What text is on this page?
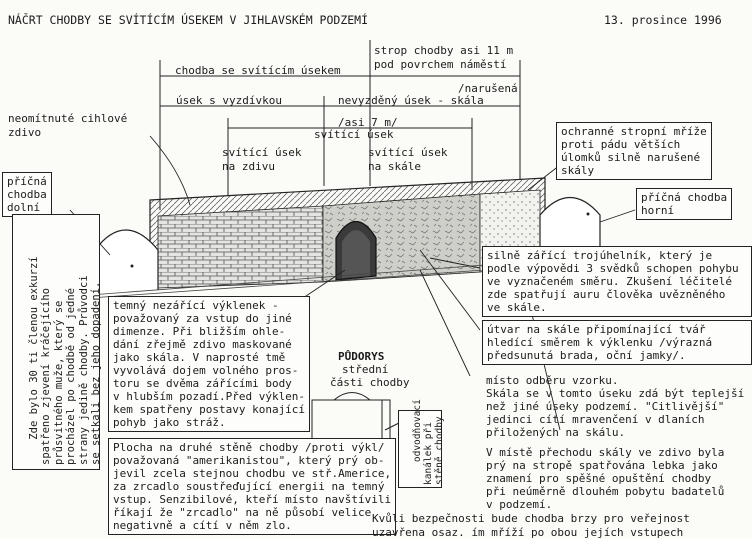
NÁČRT CHODBY SE SVÍTÍCÍM ÚSEKEM V JIHLAVSKÉM PODZEMÍ	13. prosince 1996
strop chodby asi 11 m
pod povrchem náměstí
chodba se svítícím úsekem
úsek s vyzdívkou
/narušená
nevyzděný úsek - skála
/asi 7 m/
svítící úsek
svítící úsek
na zdivu
svítící úsek
na skále
neomítnuté cihlové
zdivo
příčná
chodba
dolní

Zde bylo 30 ti členou exkurzí
spatřeno zjevení kráčejícího
průsvitného muže, který se
procházel po chodbě od jedné
strany jedině chodby. Průvodci
se setkali bez jeho dopadení.

ochranné stropní mříže
proti pádu větších
úlomků silně narušené
skály
příčná chodba
horní
silně zářící trojúhelník, který je
podle výpovědi 3 svědků schopen pohybu
ve vyznačeném směru. Zkušení léčitelé
zde spatřují auru člověka uvězněného
ve skále.
útvar na skále připomínající tvář
hledící směrem k výklenku /výrazná
předsunutá brada, oční jamky/.
místo odběru vzorku.
Skála se v tomto úseku zdá být teplejší
než jiné úseky podzemí. "Citlivější"
jedinci cítí mravenčení v dlaních
přiložených na skálu.
V místě přechodu skály ve zdivo byla
prý na stropě spatřována lebka jako
znamení pro spěšné opuštění chodby
při neúměrně dlouhém pobytu badatelů
v podzemí.
temný nezářící výklenek -
považovaný za vstup do jiné
dimenze. Při bližším ohle-
dání zřejmě zdivo maskované
jako skála. V naprosté tmě
vyvolává dojem volného pros-
toru se dvěma zářícími body
v hlubším pozadí.Před výklen-
kem spatřeny postavy konající
pohyb jako stráž.
Plocha na druhé stěně chodby /proti výkl/
považovaná "amerikanistou", který prý ob-
jevil zcela stejnou chodbu ve stř.Americe,
za zrcadlo soustřeďující energii na temný
vstup. Senzibilové, kteří místo navštívili
říkají že "zrcadlo" na ně působí velice
negativně a cítí v něm zlo.
PŮDORYS
střední
části chodby

odvodňovací
kanálek při
stěně chodby

Kvůli bezpečnosti bude chodba brzy pro veřejnost
uzavřena osaz. ím mříží po obou jejích vstupech
